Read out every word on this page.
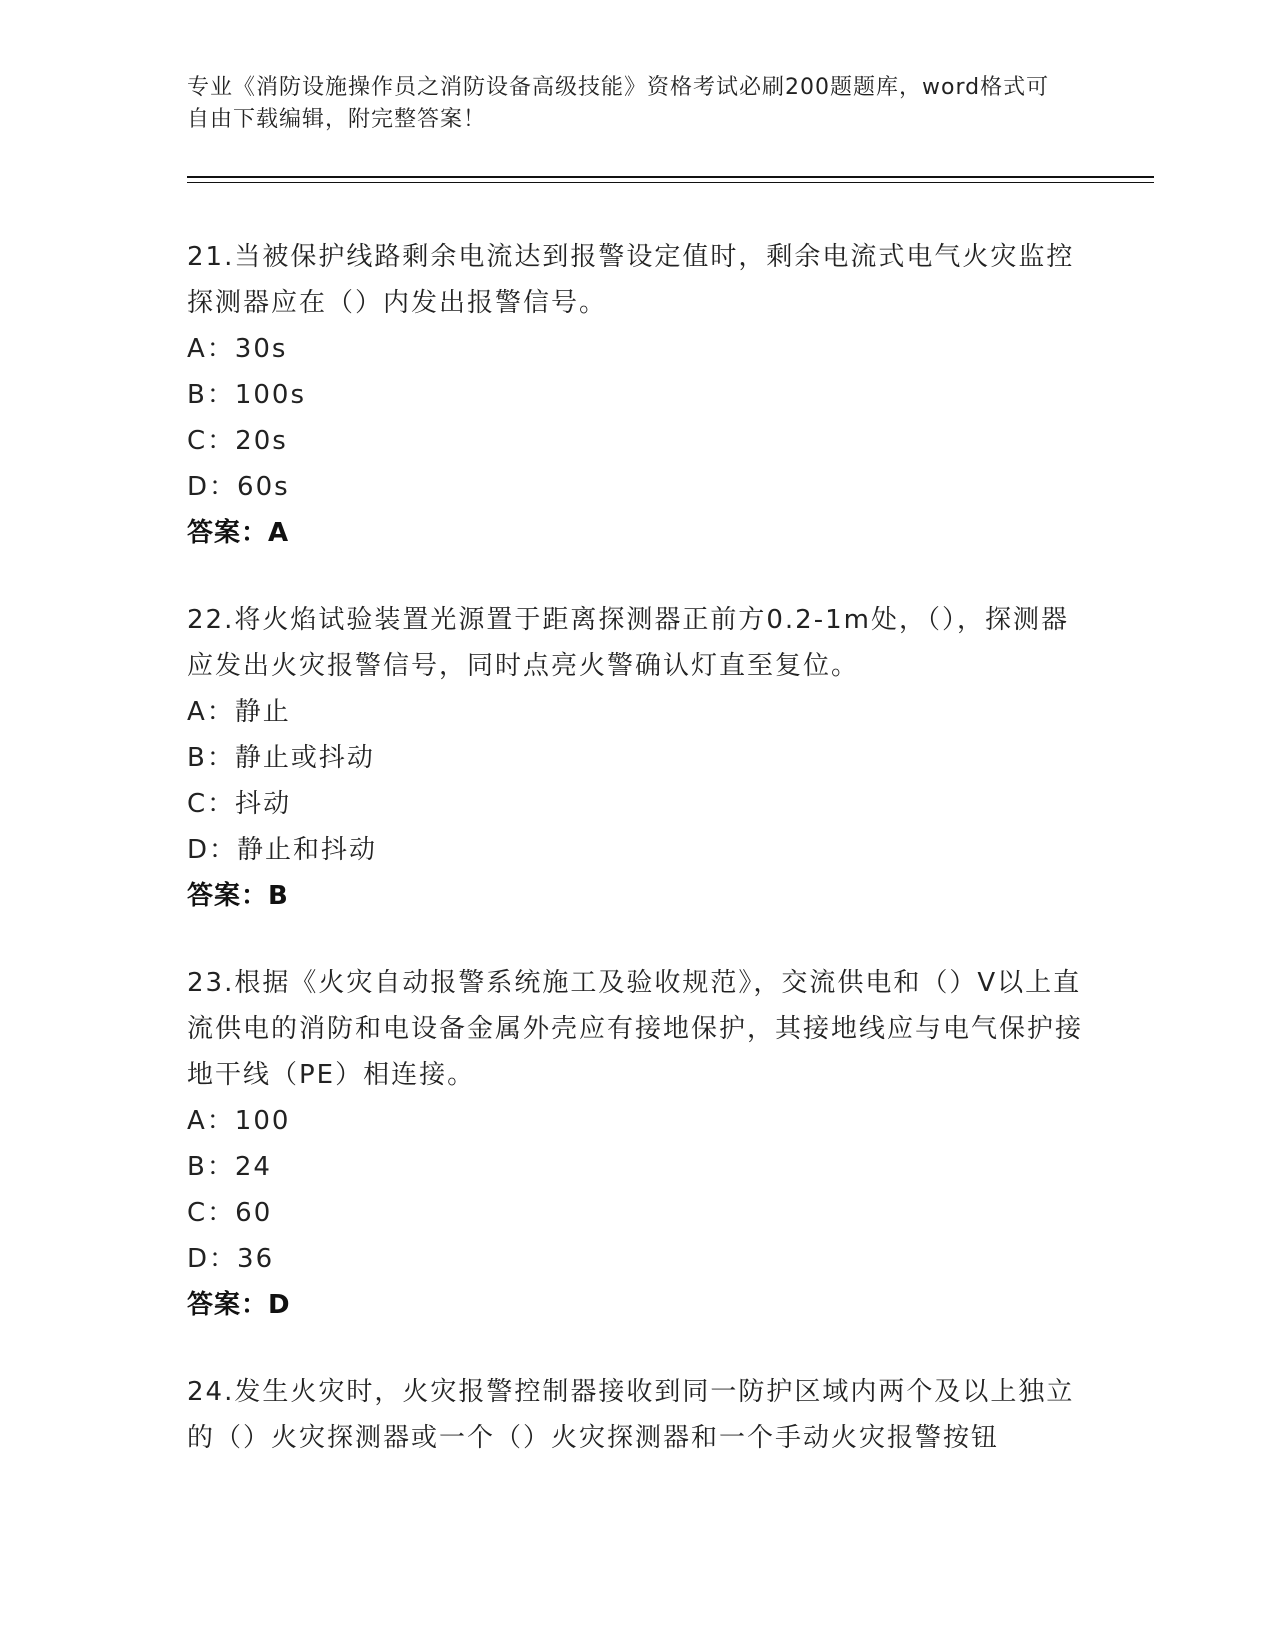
专业《消防设施操作员之消防设备高级技能》资格考试必刷200题题库，word格式可自由下载编辑，附完整答案！

21.当被保护线路剩余电流达到报警设定值时，剩余电流式电气火灾监控探测器应在（）内发出报警信号。

A：30s

B：100s

C：20s

D：60s

答案：A

22.将火焰试验装置光源置于距离探测器正前方0.2-1m处，（），探测器应发出火灾报警信号，同时点亮火警确认灯直至复位。

A：静止

B：静止或抖动

C：抖动

D：静止和抖动

答案：B

23.根据《火灾自动报警系统施工及验收规范》，交流供电和（）V以上直流供电的消防和电设备金属外壳应有接地保护，其接地线应与电气保护接地干线（PE）相连接。

A：100

B：24

C：60

D：36

答案：D

24.发生火灾时，火灾报警控制器接收到同一防护区域内两个及以上独立的（）火灾探测器或一个（）火灾探测器和一个手动火灾报警按钮
